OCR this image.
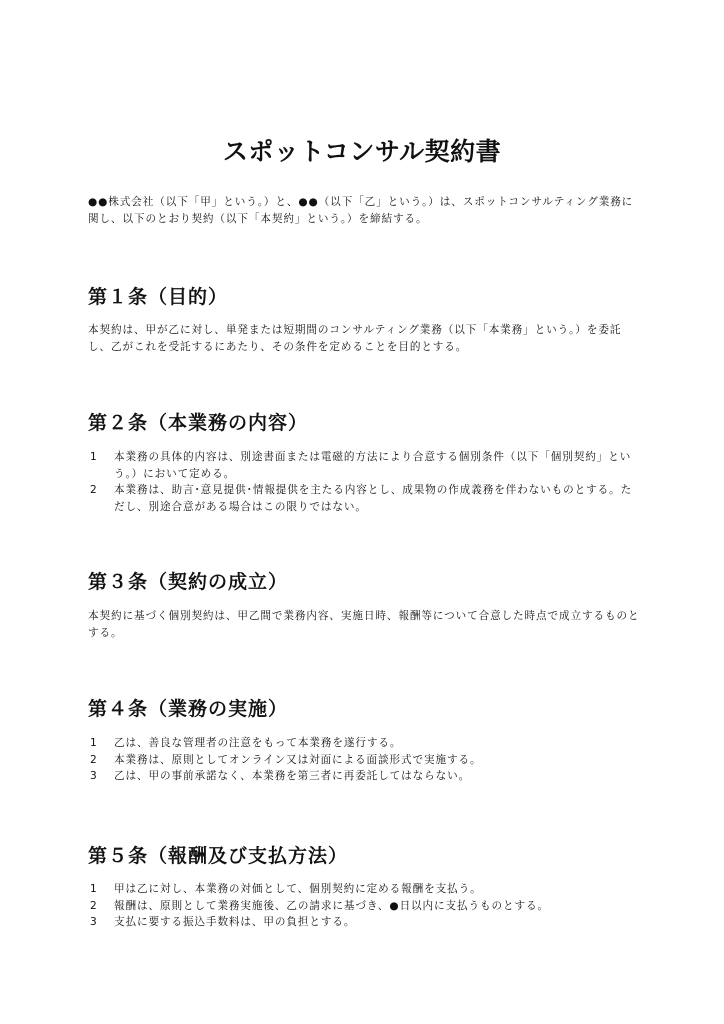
スポットコンサル契約書

●●株式会社（以下「甲」という。）と、●●（以下「乙」という。）は、スポットコンサルティング業務に関し、以下のとおり契約（以下「本契約」という。）を締結する。

第１条（目的）

本契約は、甲が乙に対し、単発または短期間のコンサルティング業務（以下「本業務」という。）を委託し、乙がこれを受託するにあたり、その条件を定めることを目的とする。

第２条（本業務の内容）
1	本業務の具体的内容は、別途書面または電磁的方法により合意する個別条件（以下「個別契約」という。）において定める。
2	本業務は、助言･意見提供･情報提供を主たる内容とし、成果物の作成義務を伴わないものとする。ただし、別途合意がある場合はこの限りではない。
第３条（契約の成立）

本契約に基づく個別契約は、甲乙間で業務内容、実施日時、報酬等について合意した時点で成立するものとする。

第４条（業務の実施）
1	乙は、善良な管理者の注意をもって本業務を遂行する。
2	本業務は、原則としてオンライン又は対面による面談形式で実施する。
3	乙は、甲の事前承諾なく、本業務を第三者に再委託してはならない。
第５条（報酬及び支払方法）
1	甲は乙に対し、本業務の対価として、個別契約に定める報酬を支払う。
2	報酬は、原則として業務実施後、乙の請求に基づき、●日以内に支払うものとする。
3	支払に要する振込手数料は、甲の負担とする。
